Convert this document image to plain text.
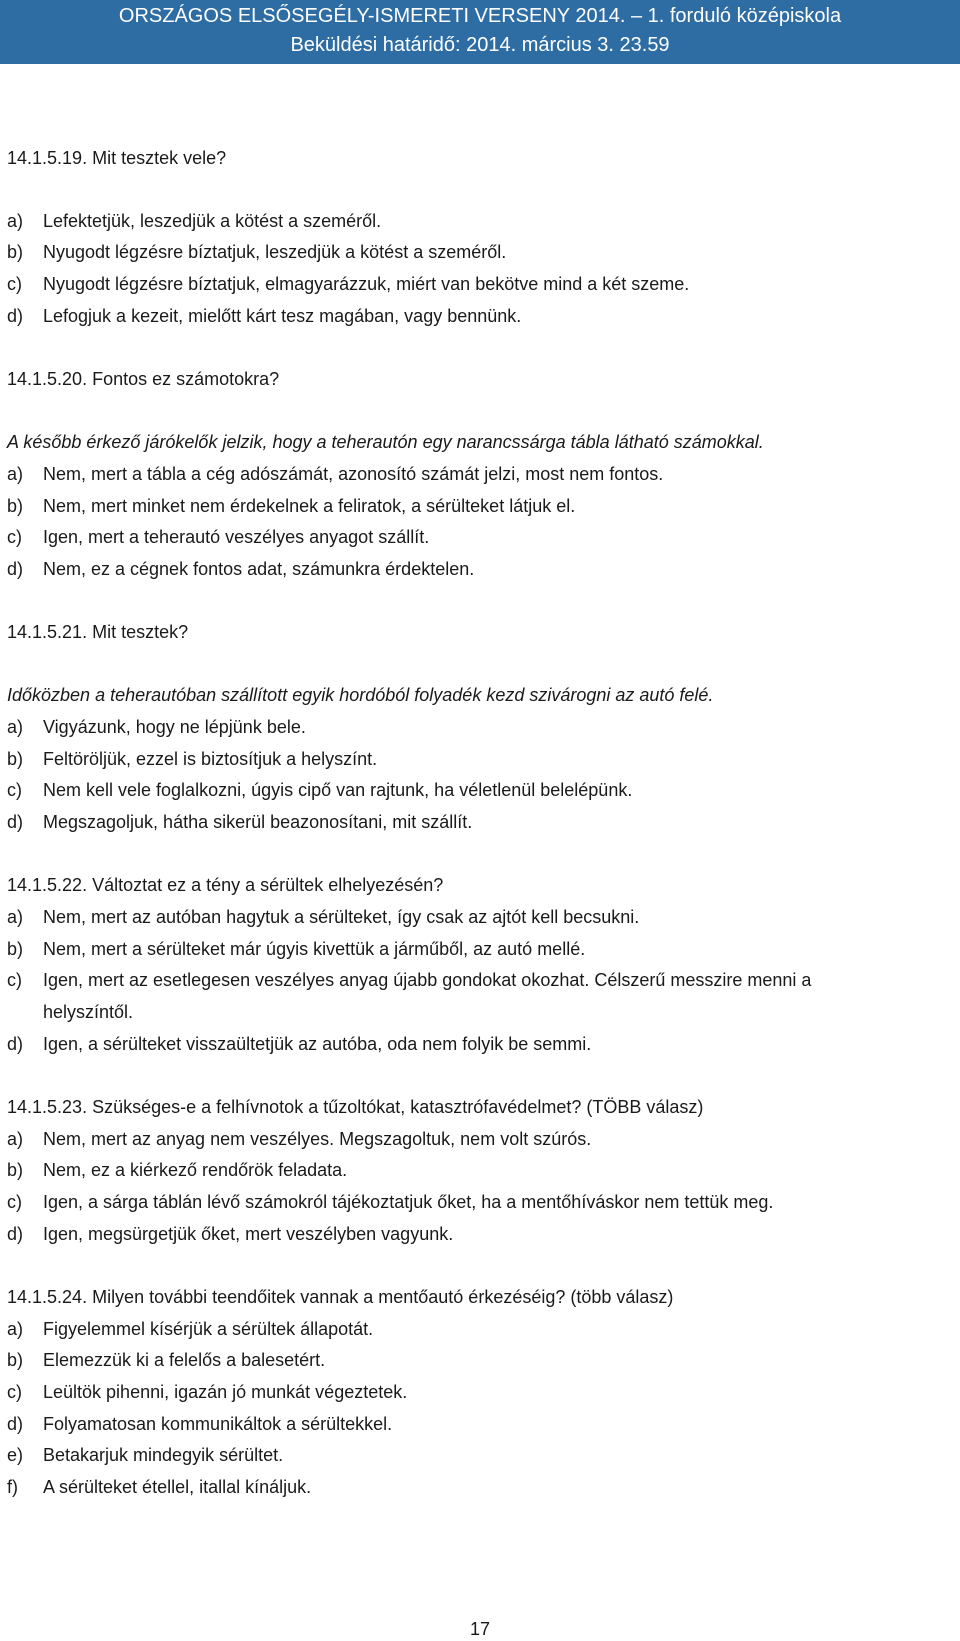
ORSZÁGOS ELSŐSEGÉLY-ISMERETI VERSENY 2014. – 1. forduló középiskola
Beküldési határidő: 2014. március 3. 23.59
14.1.5.19. Mit tesztek vele?
a)	Lefektetjük, leszedjük a kötést a szeméről.
b)	Nyugodt légzésre bíztatjuk, leszedjük a kötést a szeméről.
c)	Nyugodt légzésre bíztatjuk, elmagyarázzuk, miért van bekötve mind a két szeme.
d)	Lefogjuk a kezeit, mielőtt kárt tesz magában, vagy bennünk.
14.1.5.20. Fontos ez számotokra?
A később érkező járókelők jelzik, hogy a teherautón egy narancssárga tábla látható számokkal.
a)	Nem, mert a tábla a cég adószámát, azonosító számát jelzi, most nem fontos.
b)	Nem, mert minket nem érdekelnek a feliratok, a sérülteket látjuk el.
c)	Igen, mert a teherautó veszélyes anyagot szállít.
d)	Nem, ez a cégnek fontos adat, számunkra érdektelen.
14.1.5.21. Mit tesztek?
Időközben a teherautóban szállított egyik hordóból folyadék kezd szivárogni az autó felé.
a)	Vigyázunk, hogy ne lépjünk bele.
b)	Feltöröljük, ezzel is biztosítjuk a helyszínt.
c)	Nem kell vele foglalkozni, úgyis cipő van rajtunk, ha véletlenül belelépünk.
d)	Megszagoljuk, hátha sikerül beazonosítani, mit szállít.
14.1.5.22. Változtat ez a tény a sérültek elhelyezésén?
a)	Nem, mert az autóban hagytuk a sérülteket, így csak az ajtót kell becsukni.
b)	Nem, mert a sérülteket már úgyis kivettük a járműből, az autó mellé.
c)	Igen, mert az esetlegesen veszélyes anyag újabb gondokat okozhat. Célszerű messzire menni a
helyszíntől.
d)	Igen, a sérülteket visszaültetjük az autóba, oda nem folyik be semmi.
14.1.5.23. Szükséges-e a felhívnotok a tűzoltókat, katasztrófavédelmet? (TÖBB válasz)
a)	Nem, mert az anyag nem veszélyes. Megszagoltuk, nem volt szúrós.
b)	Nem, ez a kiérkező rendőrök feladata.
c)	Igen, a sárga táblán lévő számokról tájékoztatjuk őket, ha a mentőhíváskor nem tettük meg.
d)	Igen, megsürgetjük őket, mert veszélyben vagyunk.
14.1.5.24. Milyen további teendőitek vannak a mentőautó érkezéséig? (több válasz)
a)	Figyelemmel kísérjük a sérültek állapotát.
b)	Elemezzük ki a felelős a balesetért.
c)	Leültök pihenni, igazán jó munkát végeztetek.
d)	Folyamatosan kommunikáltok a sérültekkel.
e)	Betakarjuk mindegyik sérültet.
f)	A sérülteket étellel, itallal kínáljuk.
17
